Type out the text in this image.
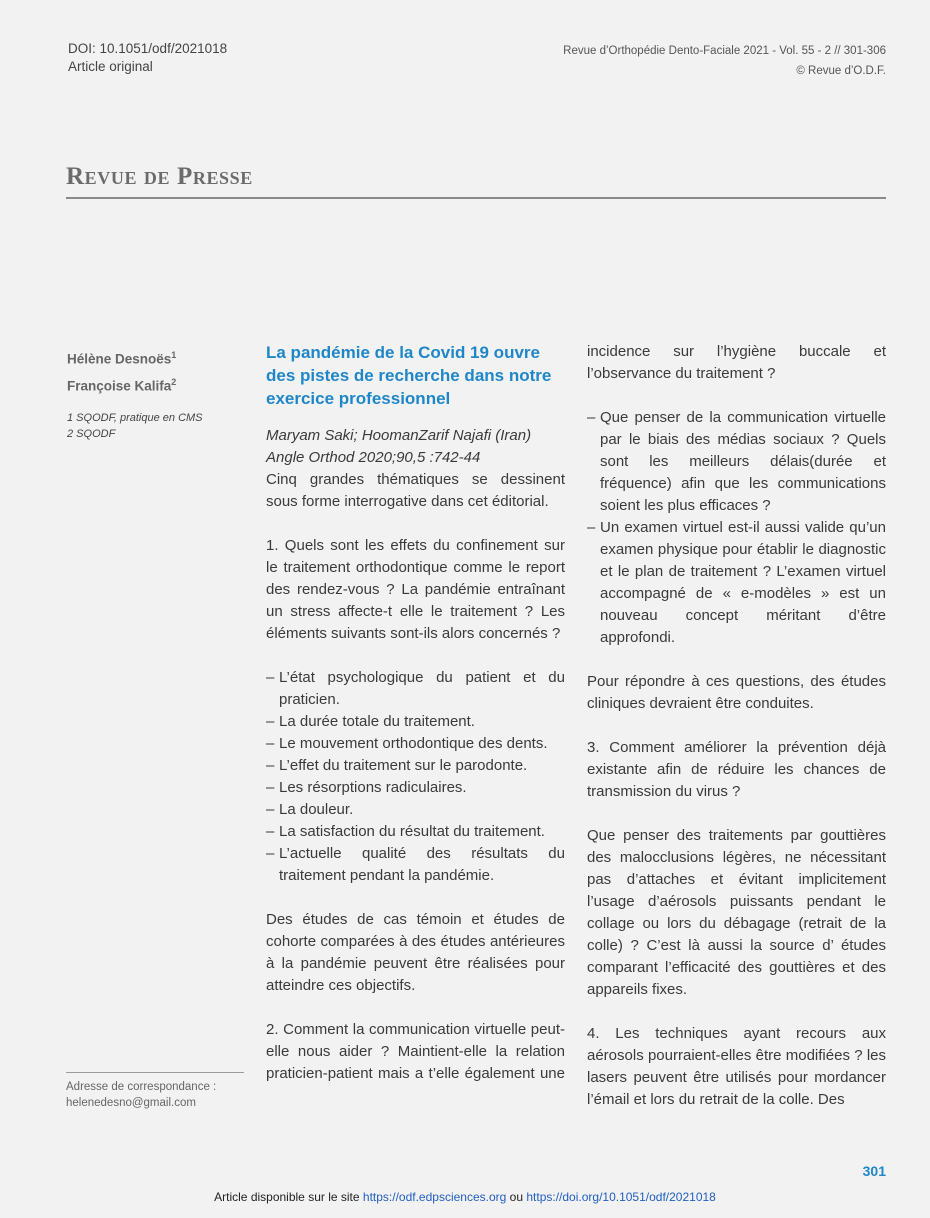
DOI: 10.1051/odf/2021018
Article original
Revue d’Orthopédie Dento-Faciale 2021 - Vol. 55 - 2 // 301-306
© Revue d’O.D.F.
Revue de Presse
Hélène Desnoës$^1$
Françoise Kalifa$^2$
1 SQODF, pratique en CMS
2 SQODF
Adresse de correspondance :
helenedesno@gmail.com
La pandémie de la Covid 19 ouvre des pistes de recherche dans notre exercice professionnel
Maryam Saki; HoomanZarif Najafi (Iran)
Angle Orthod 2020;90,5 :742-44
Cinq grandes thématiques se dessinent sous forme interrogative dans cet éditorial.
1. Quels sont les effets du confinement sur le traitement orthodontique comme le report des rendez-vous ? La pandémie entraînant un stress affecte-t elle le traitement ? Les éléments suivants sont-ils alors concernés ?
– L’état psychologique du patient et du praticien.
– La durée totale du traitement.
– Le mouvement orthodontique des dents.
– L’effet du traitement sur le parodonte.
– Les résorptions radiculaires.
– La douleur.
– La satisfaction du résultat du traitement.
– L’actuelle qualité des résultats du traitement pendant la pandémie.
Des études de cas témoin et études de cohorte comparées à des études antérieures à la pandémie peuvent être réalisées pour atteindre ces objectifs.
2. Comment la communication virtuelle peut-elle nous aider ? Maintient-elle la relation praticien-patient mais a t’elle également une
incidence sur l’hygiène buccale et l’observance du traitement ?
– Que penser de la communication virtuelle par le biais des médias sociaux ? Quels sont les meilleurs délais(durée et fréquence) afin que les communications soient les plus efficaces ?
– Un examen virtuel est-il aussi valide qu’un examen physique pour établir le diagnostic et le plan de traitement ? L’examen virtuel accompagné de « e-modèles » est un nouveau concept méritant d’être approfondi.
Pour répondre à ces questions, des études cliniques devraient être conduites.
3. Comment améliorer la prévention déjà existante afin de réduire les chances de transmission du virus ?
Que penser des traitements par gouttières des malocclusions légères, ne nécessitant pas d’attaches et évitant implicitement l’usage d’aérosols puissants pendant le collage ou lors du débagage (retrait de la colle) ? C’est là aussi la source d’ études comparant l’efficacité des gouttières et des appareils fixes.
4. Les techniques ayant recours aux aérosols pourraient-elles être modifiées ? les lasers peuvent être utilisés pour mordancer l’émail et lors du retrait de la colle. Des
301
Article disponible sur le site https://odf.edpsciences.org ou https://doi.org/10.1051/odf/2021018
